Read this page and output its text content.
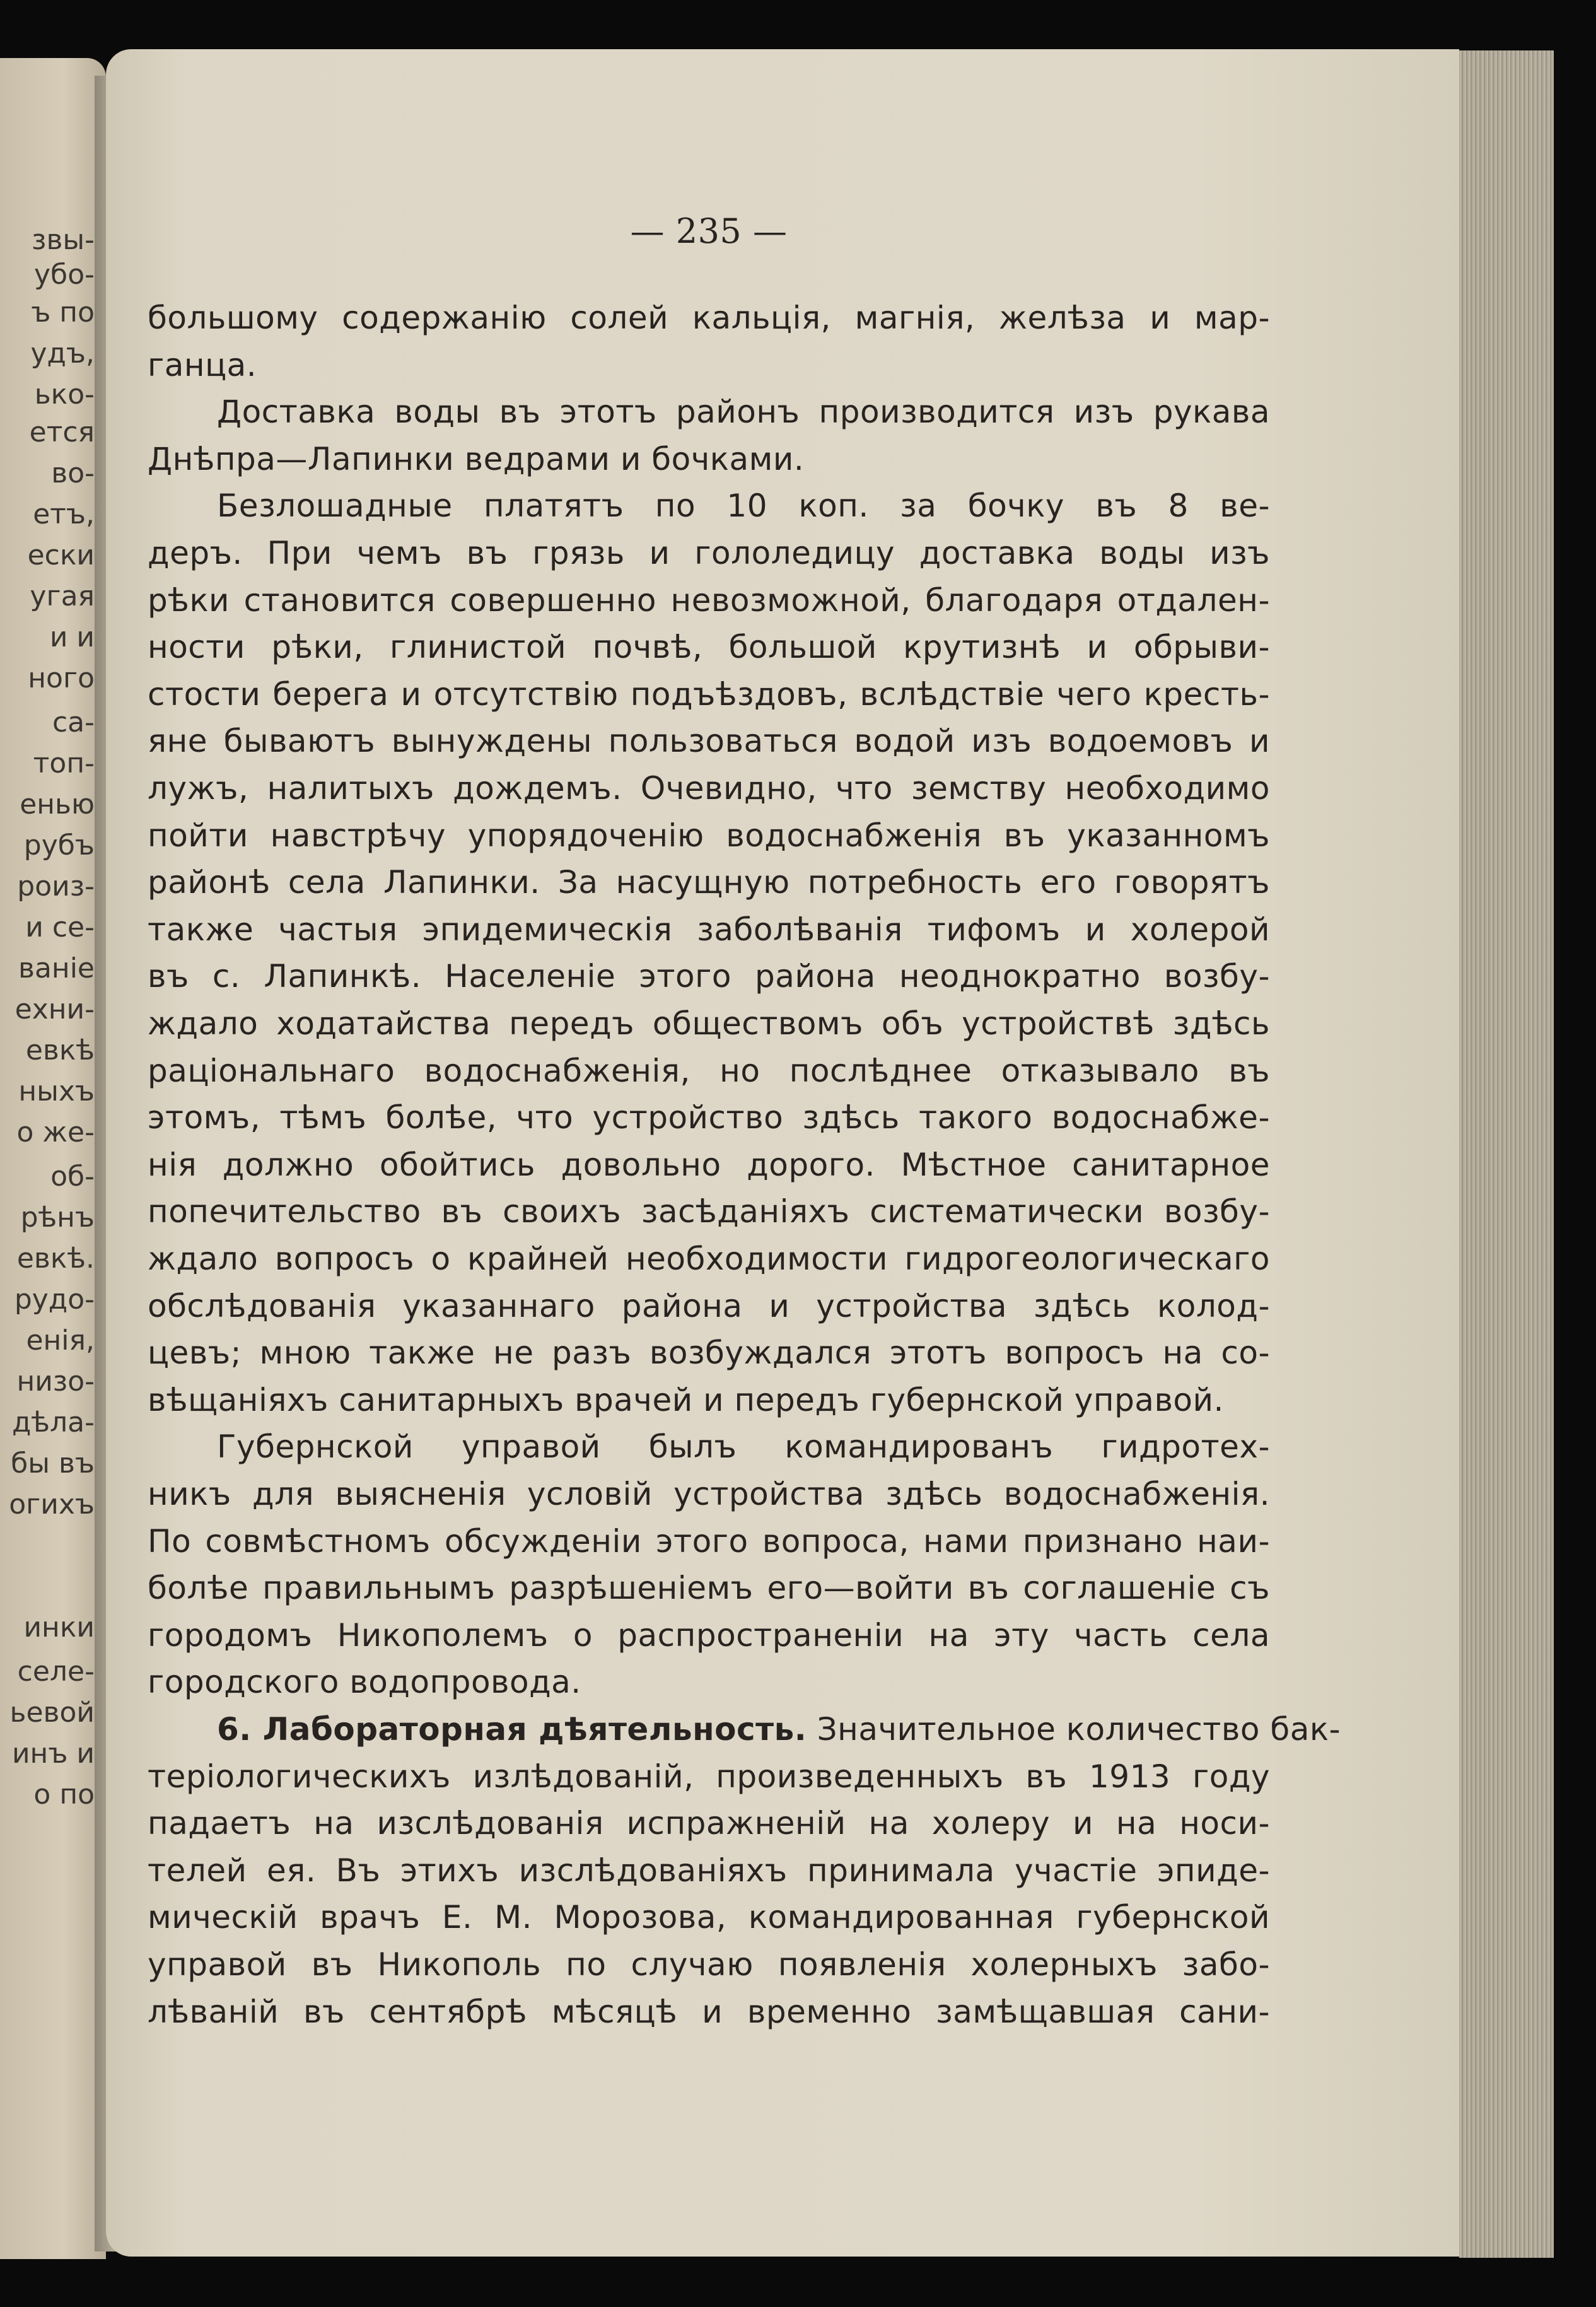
звы-
убо-
ъ по
удъ,
ько-
ется
во-
етъ,
ески
угая
и и
ного
са-
топ-
енью
рубъ
роиз-
и се-
ваніе
ехни-
евкѣ
ныхъ
о же-
об-
рѣнъ
евкѣ.
рудо-
енія,
низо-
дѣла-
бы въ
огихъ
инки
селе-
ьевой
инъ и
о по
— 235 —
большому содержанію солей кальція, магнія, желѣза и мар-
ганца.
Доставка воды въ этотъ районъ производится изъ рукава
Днѣпра—Лапинки ведрами и бочками.
Безлошадные платятъ по 10 коп. за бочку въ 8 ве-
деръ. При чемъ въ грязь и гололедицу доставка воды изъ
рѣки становится совершенно невозможной, благодаря отдален-
ности рѣки, глинистой почвѣ, большой крутизнѣ и обрыви-
стости берега и отсутствію подъѣздовъ, вслѣдствіе чего кресть-
яне бываютъ вынуждены пользоваться водой изъ водоемовъ и
лужъ, налитыхъ дождемъ. Очевидно, что земству необходимо
пойти навстрѣчу упорядоченію водоснабженія въ указанномъ
районѣ села Лапинки. За насущную потребность его говорятъ
также частыя эпидемическія заболѣванія тифомъ и холерой
въ с. Лапинкѣ. Населеніе этого района неоднократно возбу-
ждало ходатайства передъ обществомъ объ устройствѣ здѣсь
раціональнаго водоснабженія, но послѣднее отказывало въ
этомъ, тѣмъ болѣе, что устройство здѣсь такого водоснабже-
нія должно обойтись довольно дорого. Мѣстное санитарное
попечительство въ своихъ засѣданіяхъ систематически возбу-
ждало вопросъ о крайней необходимости гидрогеологическаго
обслѣдованія указаннаго района и устройства здѣсь колод-
цевъ; мною также не разъ возбуждался этотъ вопросъ на со-
вѣщаніяхъ санитарныхъ врачей и передъ губернской управой.
Губернской управой былъ командированъ гидротех-
никъ для выясненія условій устройства здѣсь водоснабженія.
По совмѣстномъ обсужденіи этого вопроса, нами признано наи-
болѣе правильнымъ разрѣшеніемъ его—войти въ соглашеніе съ
городомъ Никополемъ о распространеніи на эту часть села
городского водопровода.
6. Лабораторная дѣятельность. Значительное количество бак-
теріологическихъ излѣдованій, произведенныхъ въ 1913 году
падаетъ на изслѣдованія испражненій на холеру и на носи-
телей ея. Въ этихъ изслѣдованіяхъ принимала участіе эпиде-
мическій врачъ Е. М. Морозова, командированная губернской
управой въ Никополь по случаю появленія холерныхъ забо-
лѣваній въ сентябрѣ мѣсяцѣ и временно замѣщавшая сани-
